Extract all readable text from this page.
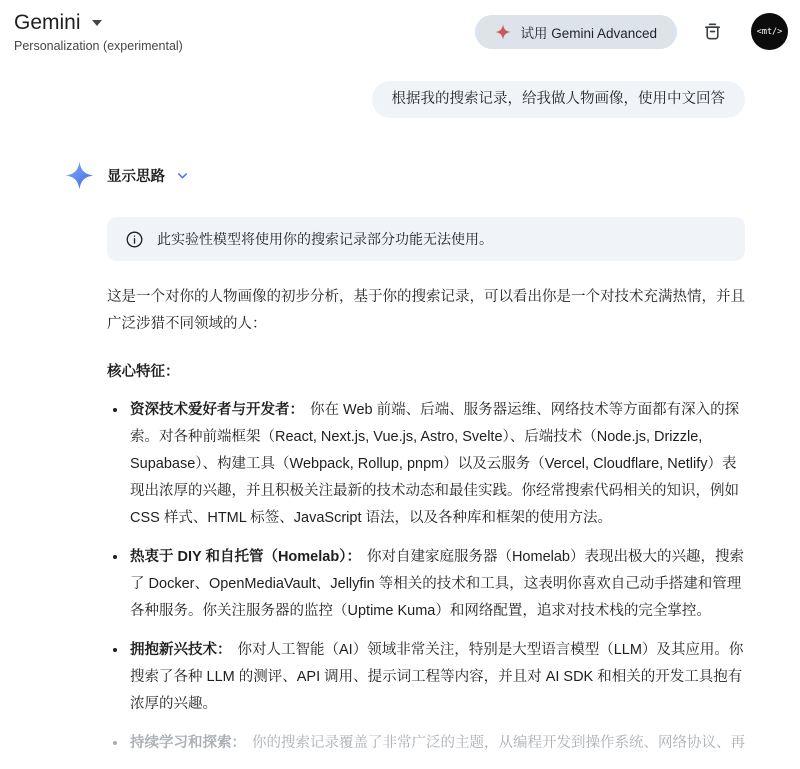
Gemini
Personalization (experimental)
试用 Gemini Advanced	<mt/>
根据我的搜索记录，给我做人物画像，使用中文回答
显示思路
此实验性模型将使用你的搜索记录部分功能无法使用。

这是一个对你的人物画像的初步分析，基于你的搜索记录，可以看出你是一个对技术充满热情，并且广泛涉猎不同领域的人：

核心特征：

• 资深技术爱好者与开发者： 你在 Web 前端、后端、服务器运维、网络技术等方面都有深入的探索。对各种前端框架（React, Next.js, Vue.js, Astro, Svelte）、后端技术（Node.js, Drizzle, Supabase）、构建工具（Webpack, Rollup, pnpm）以及云服务（Vercel, Cloudflare, Netlify）表现出浓厚的兴趣，并且积极关注最新的技术动态和最佳实践。你经常搜索代码相关的知识，例如 CSS 样式、HTML 标签、JavaScript 语法，以及各种库和框架的使用方法。
• 热衷于 DIY 和自托管（Homelab）： 你对自建家庭服务器（Homelab）表现出极大的兴趣，搜索了 Docker、OpenMediaVault、Jellyfin 等相关的技术和工具，这表明你喜欢自己动手搭建和管理各种服务。你关注服务器的监控（Uptime Kuma）和网络配置，追求对技术栈的完全掌控。
• 拥抱新兴技术： 你对人工智能（AI）领域非常关注，特别是大型语言模型（LLM）及其应用。你搜索了各种 LLM 的测评、API 调用、提示词工程等内容，并且对 AI SDK 和相关的开发工具抱有浓厚的兴趣。
• 持续学习和探索： 你的搜索记录覆盖了非常广泛的主题，从编程开发到操作系统、网络协议、再
